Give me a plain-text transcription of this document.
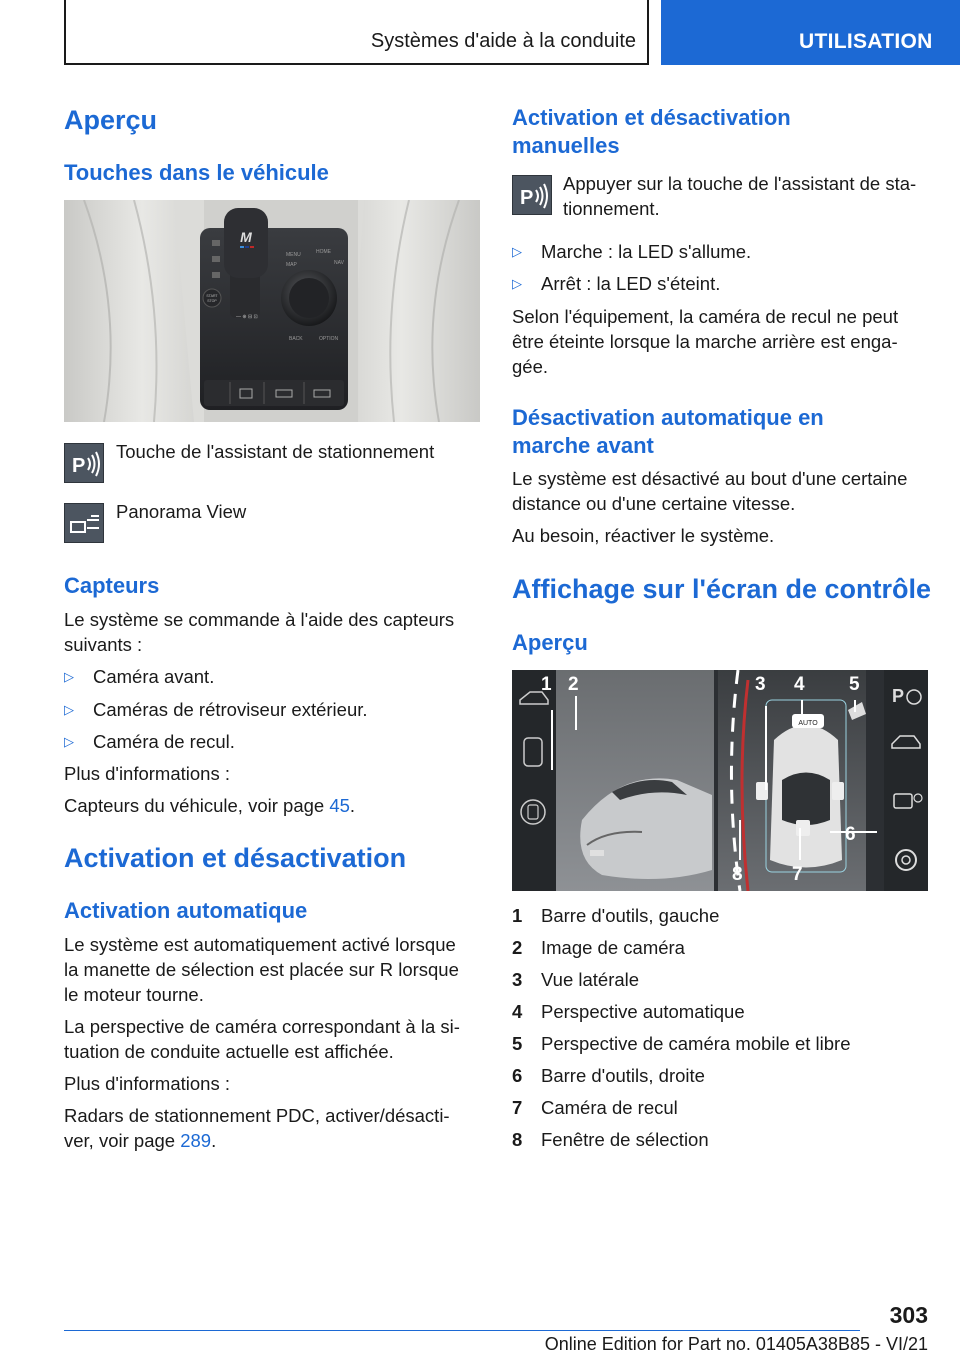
Systèmes d'aide à la conduite	UTILISATION
Aperçu
Touches dans le véhicule
M
MENU	HOME
NAV
MAP
BACK	OPTION
START
STOP
— ⊕ ⊟ ⊡
P
Touche de l'assistant de stationnement
Panorama View
Capteurs
Le système se commande à l'aide des capteurs
suivants :
▷ Caméra avant.
▷ Caméras de rétroviseur extérieur.
▷ Caméra de recul.
Plus d'informations :
Capteurs du véhicule, voir page 45.
Activation et désactivation
Activation automatique
Le système est automatiquement activé lorsque
la manette de sélection est placée sur R lorsque
le moteur tourne.
La perspective de caméra correspondant à la si‐
tuation de conduite actuelle est affichée.
Plus d'informations :
Radars de stationnement PDC, activer/désacti‐
ver, voir page 289.
Activation et désactivation
manuelles
P
Appuyer sur la touche de l'assistant de sta‐
tionnement.
▷ Marche : la LED s'allume.
▷ Arrêt : la LED s'éteint.
Selon l'équipement, la caméra de recul ne peut
être éteinte lorsque la marche arrière est enga‐
gée.
Désactivation automatique en
marche avant
Le système est désactivé au bout d'une certaine
distance ou d'une certaine vitesse.
Au besoin, réactiver le système.
Affichage sur l'écran de contrôle
Aperçu
AUTO
P
1 2	3 4 5
6
7
8
1 Barre d'outils, gauche
2 Image de caméra
3 Vue latérale
4 Perspective automatique
5 Perspective de caméra mobile et libre
6 Barre d'outils, droite
7 Caméra de recul
8 Fenêtre de sélection
303
Online Edition for Part no. 01405A38B85 - VI/21
